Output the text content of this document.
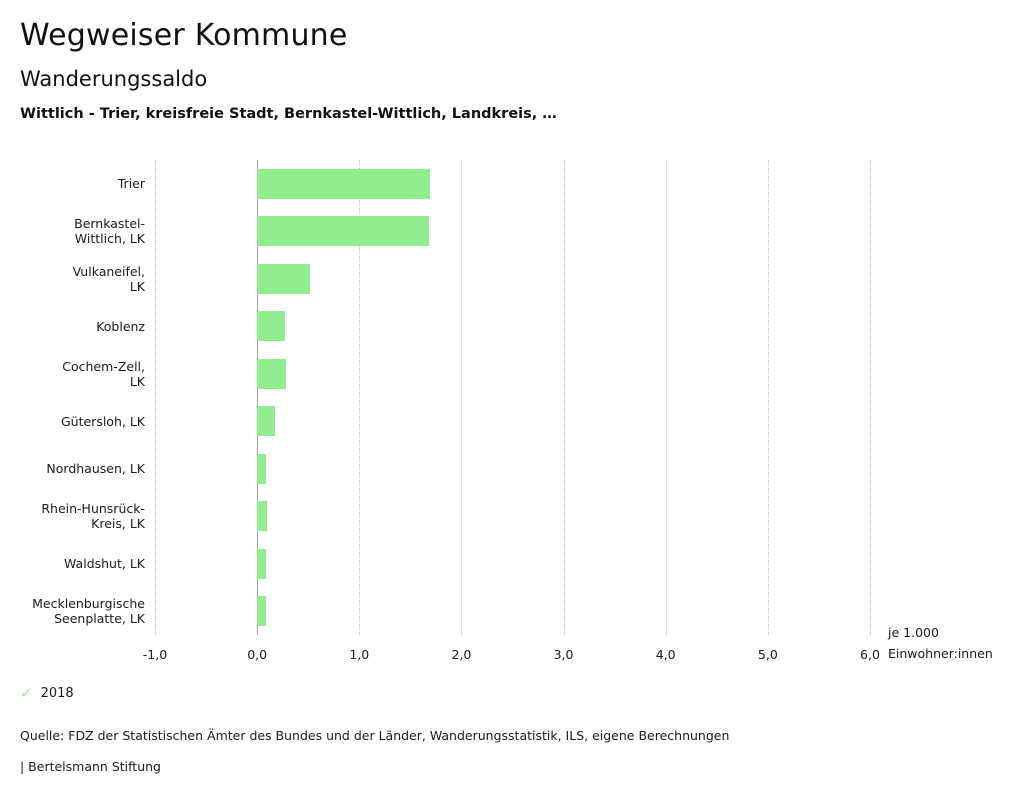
Wegweiser Kommune
Wanderungssaldo
Wittlich - Trier, kreisfreie Stadt, Bernkastel-Wittlich, Landkreis, …
-1,0	0,0	1,0	2,0	3,0	4,0	5,0	6,0
Trier
Bernkastel-
Wittlich, LK
Vulkaneifel,
LK
Koblenz
Cochem-Zell,
LK
Gütersloh, LK
Nordhausen, LK
Rhein-Hunsrück-
Kreis, LK
Waldshut, LK
Mecklenburgische
Seenplatte, LK
je 1.000
Einwohner:innen
✓ 2018
Quelle: FDZ der Statistischen Ämter des Bundes und der Länder, Wanderungsstatistik, ILS, eigene Berechnungen
| Bertelsmann Stiftung
